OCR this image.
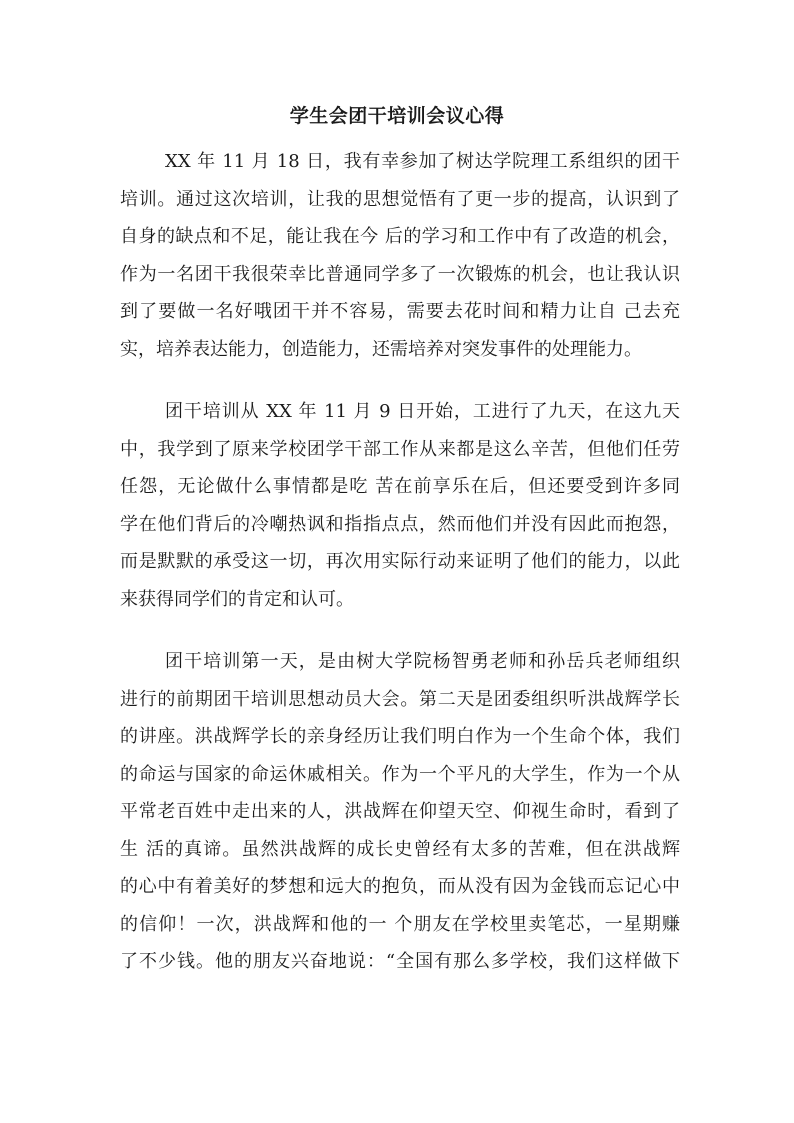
学生会团干培训会议心得
XX 年 11 月 18 日，我有幸参加了树达学院理工系组织的团干
培训。通过这次培训，让我的思想觉悟有了更一步的提高，认识到了
自身的缺点和不足，能让我在今 后的学习和工作中有了改造的机会，
作为一名团干我很荣幸比普通同学多了一次锻炼的机会，也让我认识
到了要做一名好哦团干并不容易，需要去花时间和精力让自 己去充
实，培养表达能力，创造能力，还需培养对突发事件的处理能力。
团干培训从 XX 年 11 月 9 日开始，工进行了九天，在这九天
中，我学到了原来学校团学干部工作从来都是这么辛苦，但他们任劳
任怨，无论做什么事情都是吃 苦在前享乐在后，但还要受到许多同
学在他们背后的冷嘲热讽和指指点点，然而他们并没有因此而抱怨，
而是默默的承受这一切，再次用实际行动来证明了他们的能力，以此
来获得同学们的肯定和认可。
团干培训第一天，是由树大学院杨智勇老师和孙岳兵老师组织
进行的前期团干培训思想动员大会。第二天是团委组织听洪战辉学长
的讲座。洪战辉学长的亲身经历让我们明白作为一个生命个体，我们
的命运与国家的命运休戚相关。作为一个平凡的大学生，作为一个从
平常老百姓中走出来的人，洪战辉在仰望天空、仰视生命时，看到了
生 活的真谛。虽然洪战辉的成长史曾经有太多的苦难，但在洪战辉
的心中有着美好的梦想和远大的抱负，而从没有因为金钱而忘记心中
的信仰！一次，洪战辉和他的一 个朋友在学校里卖笔芯，一星期赚
了不少钱。他的朋友兴奋地说：“全国有那么多学校，我们这样做下
